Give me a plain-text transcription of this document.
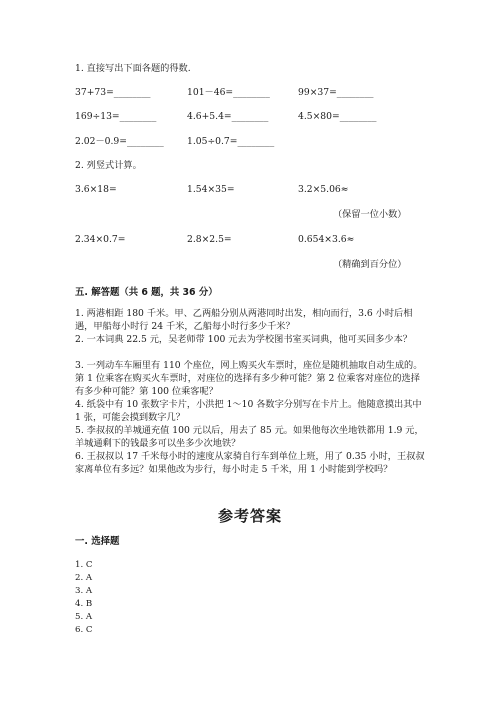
1. 直接写出下面各题的得数.
37+73=________	101－46=________	99×37=________
169÷13=________	4.6+5.4=________	4.5×80=________
2.02－0.9=________	1.05÷0.7=________
2. 列竖式计算。
3.6×18=	1.54×35=	3.2×5.06≈
（保留一位小数）
2.34×0.7=	2.8×2.5=	0.654×3.6≈
（精确到百分位）
五. 解答题（共 6 题，共 36 分）
1. 两港相距 180 千米。甲、乙两船分别从两港同时出发，相向而行，3.6 小时后相遇，甲船每小时行 24 千米，乙船每小时行多少千米？
2. 一本词典 22.5 元，吴老师带 100 元去为学校图书室买词典，他可买回多少本？
3. 一列动车车厢里有 110 个座位，网上购买火车票时，座位是随机抽取自动生成的。第 1 位乘客在购买火车票时，对座位的选择有多少种可能？第 2 位乘客对座位的选择有多少种可能？第 100 位乘客呢？
4. 纸袋中有 10 张数字卡片，小洪把 1～10 各数字分别写在卡片上。他随意摸出其中 1 张，可能会摸到数字几？
5. 李叔叔的羊城通充值 100 元以后，用去了 85 元。如果他每次坐地铁都用 1.9 元，羊城通剩下的钱最多可以坐多少次地铁？
6. 王叔叔以 17 千米每小时的速度从家骑自行车到单位上班，用了 0.35 小时，王叔叔家离单位有多远？如果他改为步行，每小时走 5 千米，用 1 小时能到学校吗？
参考答案
一. 选择题
1. C
2. A
3. A
4. B
5. A
6. C
